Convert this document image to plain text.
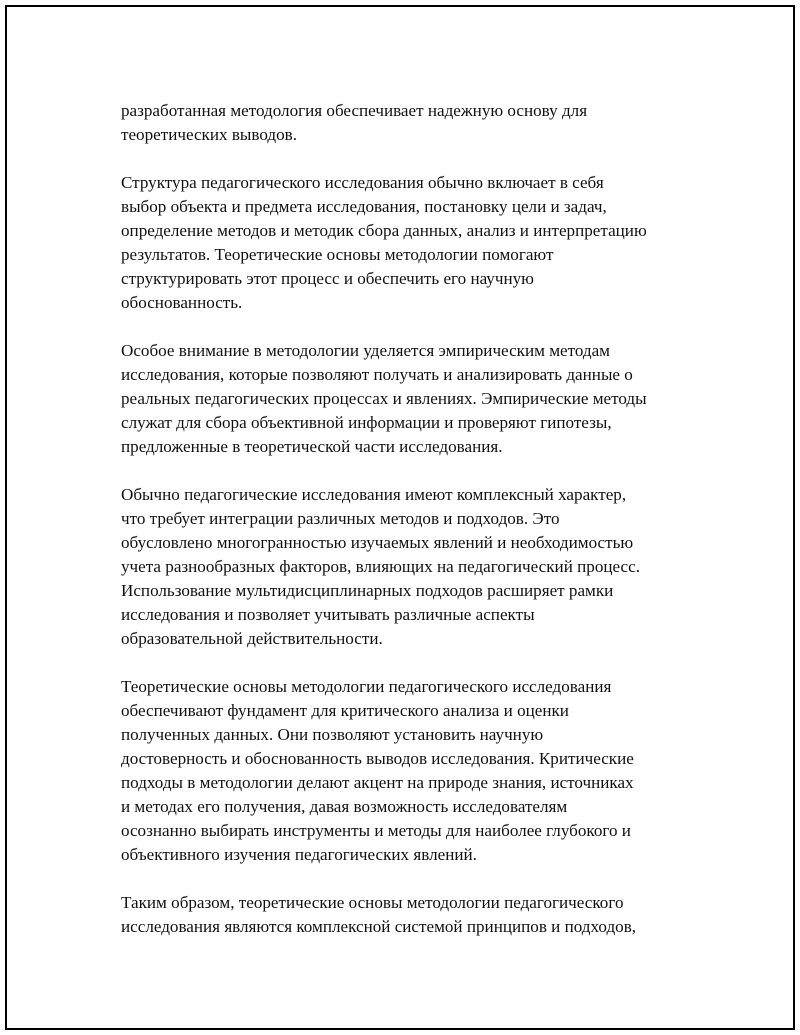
разработанная методология обеспечивает надежную основу для
теоретических выводов.

Структура педагогического исследования обычно включает в себя
выбор объекта и предмета исследования, постановку цели и задач,
определение методов и методик сбора данных, анализ и интерпретацию
результатов. Теоретические основы методологии помогают
структурировать этот процесс и обеспечить его научную
обоснованность.

Особое внимание в методологии уделяется эмпирическим методам
исследования, которые позволяют получать и анализировать данные о
реальных педагогических процессах и явлениях. Эмпирические методы
служат для сбора объективной информации и проверяют гипотезы,
предложенные в теоретической части исследования.

Обычно педагогические исследования имеют комплексный характер,
что требует интеграции различных методов и подходов. Это
обусловлено многогранностью изучаемых явлений и необходимостью
учета разнообразных факторов, влияющих на педагогический процесс.
Использование мультидисциплинарных подходов расширяет рамки
исследования и позволяет учитывать различные аспекты
образовательной действительности.

Теоретические основы методологии педагогического исследования
обеспечивают фундамент для критического анализа и оценки
полученных данных. Они позволяют установить научную
достоверность и обоснованность выводов исследования. Критические
подходы в методологии делают акцент на природе знания, источниках
и методах его получения, давая возможность исследователям
осознанно выбирать инструменты и методы для наиболее глубокого и
объективного изучения педагогических явлений.

Таким образом, теоретические основы методологии педагогического
исследования являются комплексной системой принципов и подходов,
